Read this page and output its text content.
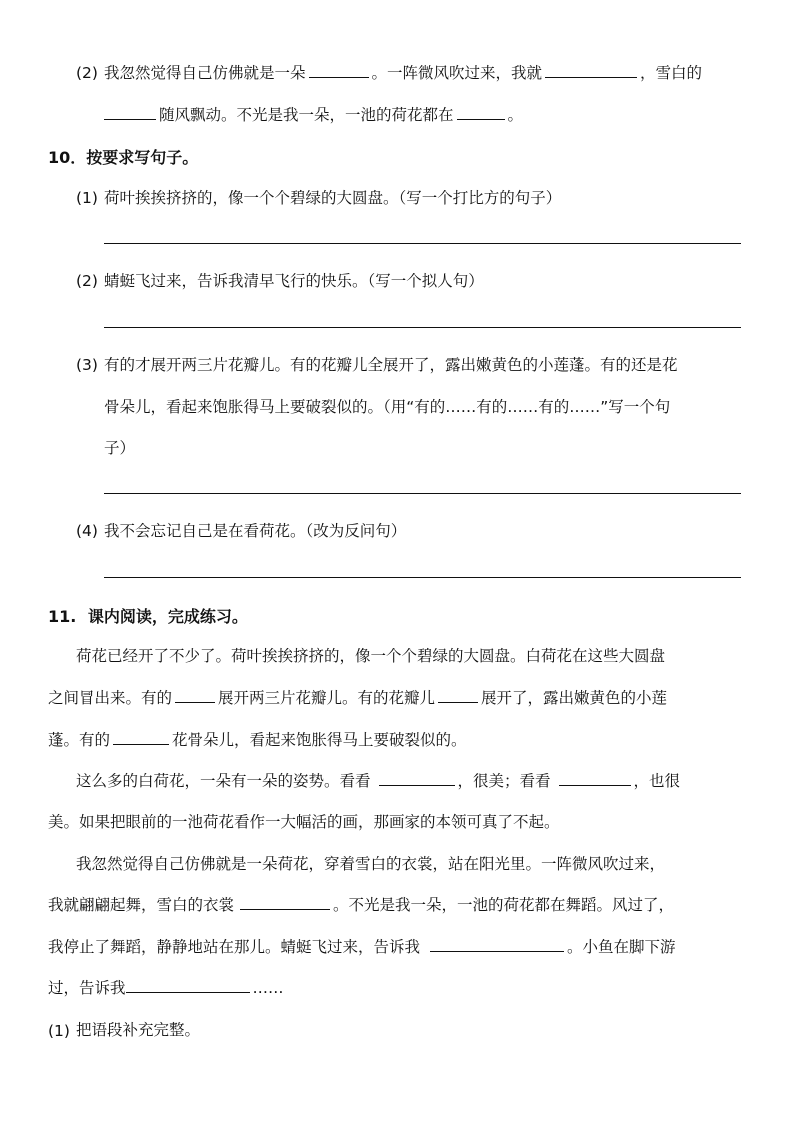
(2) 我忽然觉得自己仿佛就是一朵	。一阵微风吹过来，我就	，雪白的
随风飘动。不光是我一朵，一池的荷花都在	。
10．按要求写句子。
(1) 荷叶挨挨挤挤的，像一个个碧绿的大圆盘。（写一个打比方的句子）
(2) 蜻蜓飞过来，告诉我清早飞行的快乐。（写一个拟人句）
(3) 有的才展开两三片花瓣儿。有的花瓣儿全展开了，露出嫩黄色的小莲蓬。有的还是花
骨朵儿，看起来饱胀得马上要破裂似的。（用“有的……有的……有的……”写一个句
子）
(4) 我不会忘记自己是在看荷花。（改为反问句）
11. 课内阅读，完成练习。
荷花已经开了不少了。荷叶挨挨挤挤的，像一个个碧绿的大圆盘。白荷花在这些大圆盘
之间冒出来。有的	展开两三片花瓣儿。有的花瓣儿	展开了，露出嫩黄色的小莲
蓬。有的	花骨朵儿，看起来饱胀得马上要破裂似的。
这么多的白荷花，一朵有一朵的姿势。看看	，很美；看看	，也很
美。如果把眼前的一池荷花看作一大幅活的画，那画家的本领可真了不起。
我忽然觉得自己仿佛就是一朵荷花，穿着雪白的衣裳，站在阳光里。一阵微风吹过来，
我就翩翩起舞，雪白的衣裳	。不光是我一朵，一池的荷花都在舞蹈。风过了，
我停止了舞蹈，静静地站在那儿。蜻蜓飞过来，告诉我	。小鱼在脚下游
过，告诉我	……
(1) 把语段补充完整。
